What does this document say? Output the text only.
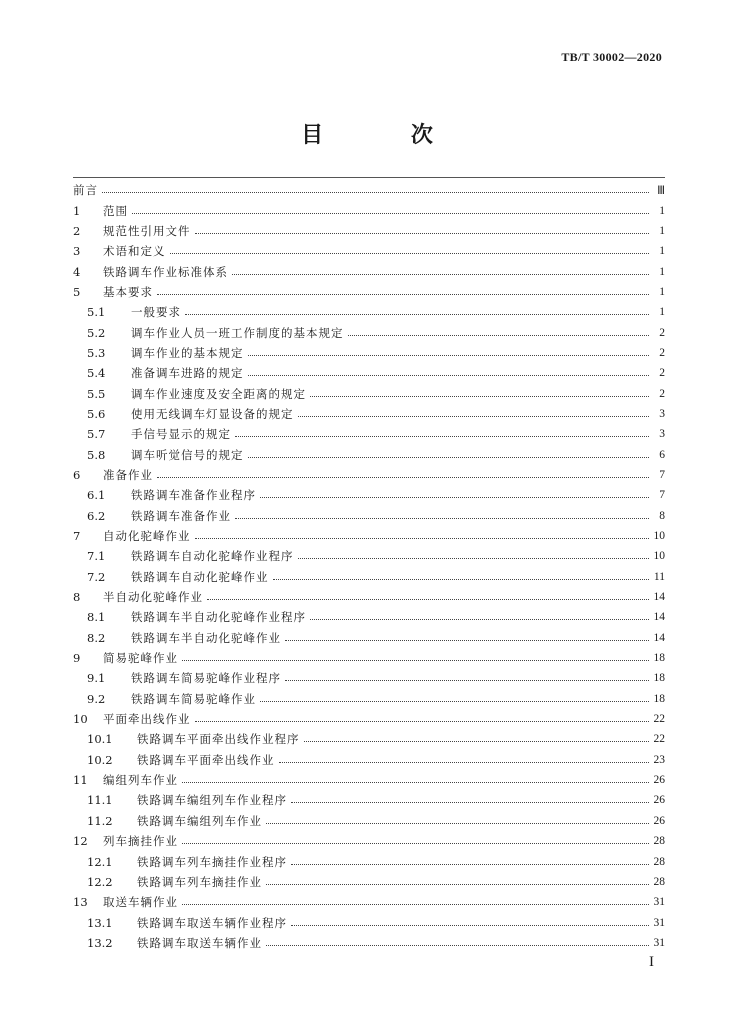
TB/T 30002—2020
目 次
前言	Ⅲ
1	范围	1
2	规范性引用文件	1
3	术语和定义	1
4	铁路调车作业标准体系	1
5	基本要求	1
5.1	一般要求	1
5.2	调车作业人员一班工作制度的基本规定	2
5.3	调车作业的基本规定	2
5.4	准备调车进路的规定	2
5.5	调车作业速度及安全距离的规定	2
5.6	使用无线调车灯显设备的规定	3
5.7	手信号显示的规定	3
5.8	调车听觉信号的规定	6
6	准备作业	7
6.1	铁路调车准备作业程序	7
6.2	铁路调车准备作业	8
7	自动化驼峰作业	10
7.1	铁路调车自动化驼峰作业程序	10
7.2	铁路调车自动化驼峰作业	11
8	半自动化驼峰作业	14
8.1	铁路调车半自动化驼峰作业程序	14
8.2	铁路调车半自动化驼峰作业	14
9	简易驼峰作业	18
9.1	铁路调车简易驼峰作业程序	18
9.2	铁路调车简易驼峰作业	18
10	平面牵出线作业	22
10.1	铁路调车平面牵出线作业程序	22
10.2	铁路调车平面牵出线作业	23
11	编组列车作业	26
11.1	铁路调车编组列车作业程序	26
11.2	铁路调车编组列车作业	26
12	列车摘挂作业	28
12.1	铁路调车列车摘挂作业程序	28
12.2	铁路调车列车摘挂作业	28
13	取送车辆作业	31
13.1	铁路调车取送车辆作业程序	31
13.2	铁路调车取送车辆作业	31
I
